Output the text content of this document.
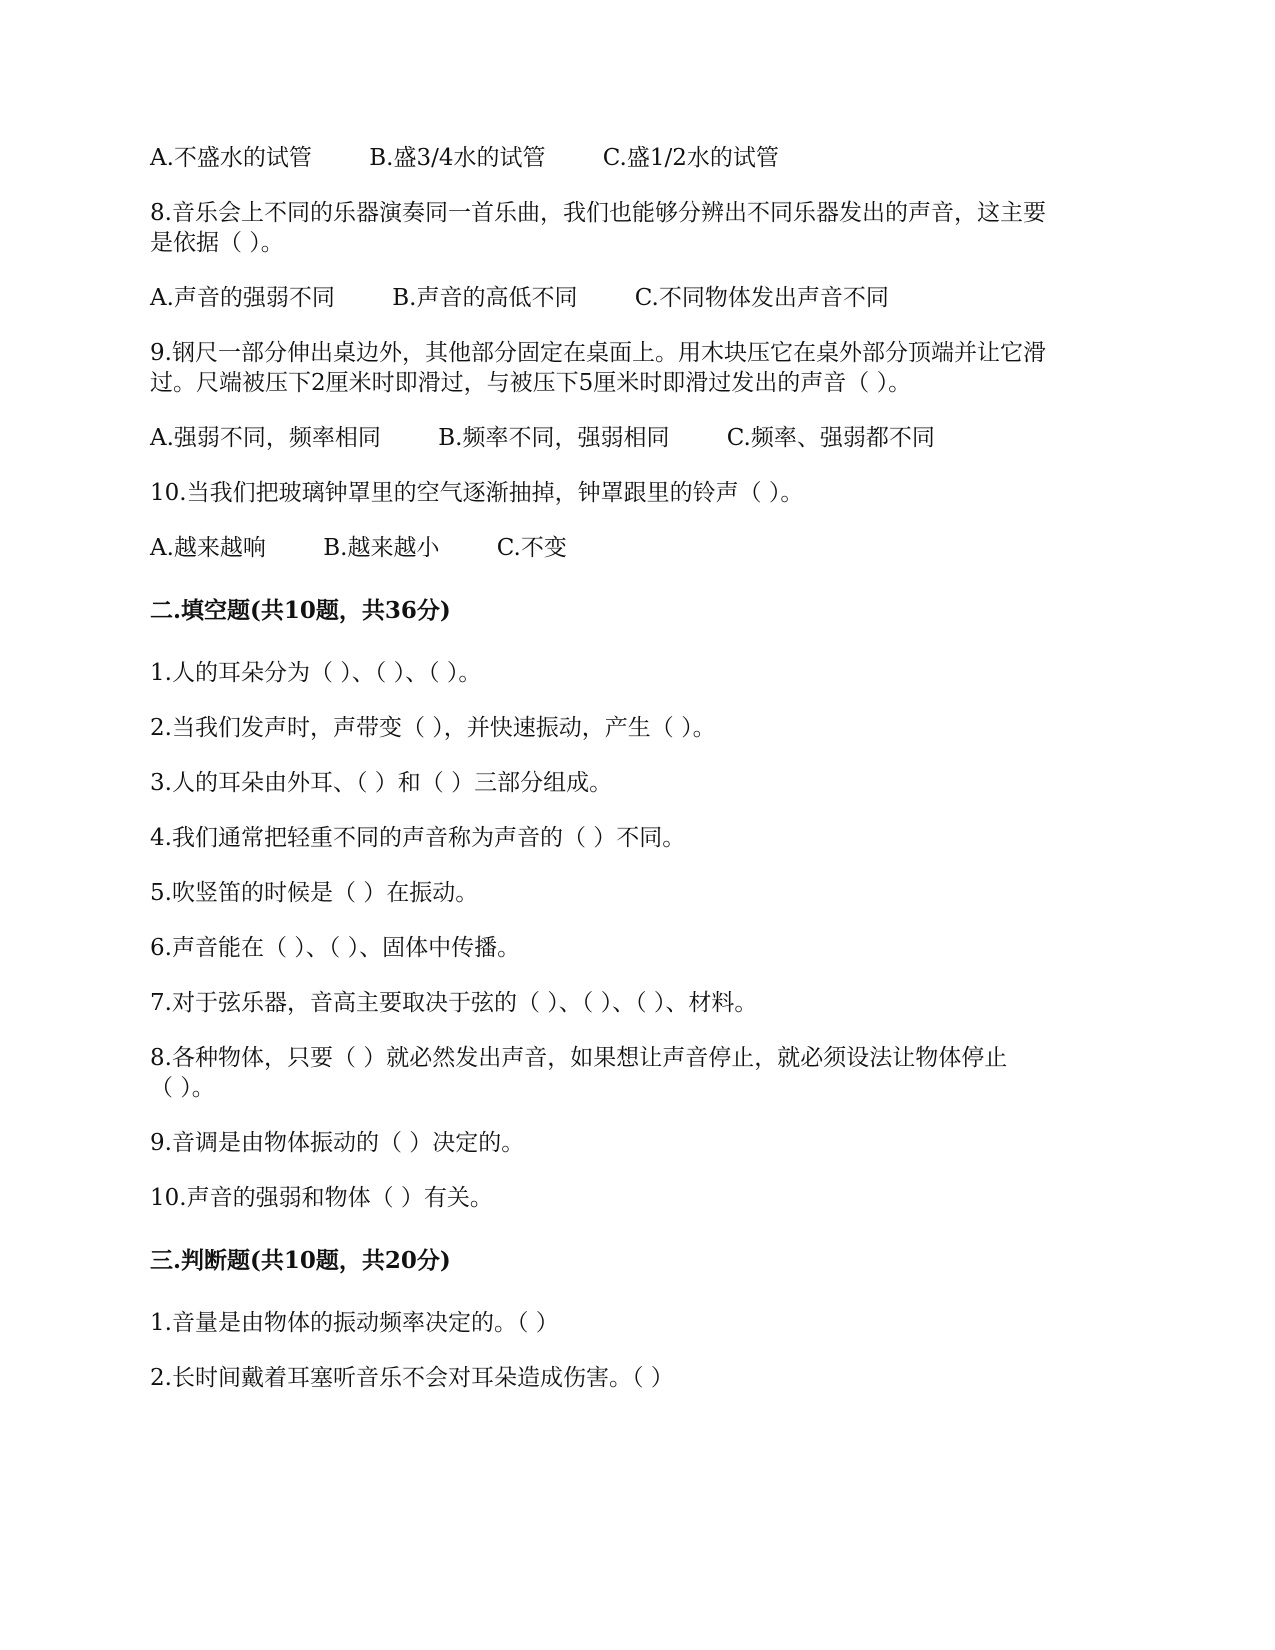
A.不盛水的试管 B.盛3/4水的试管 C.盛1/2水的试管
8.音乐会上不同的乐器演奏同一首乐曲，我们也能够分辨出不同乐器发出的声音，这主要
是依据（ ）。
A.声音的强弱不同 B.声音的高低不同 C.不同物体发出声音不同
9.钢尺一部分伸出桌边外，其他部分固定在桌面上。用木块压它在桌外部分顶端并让它滑
过。尺端被压下2厘米时即滑过，与被压下5厘米时即滑过发出的声音（ ）。
A.强弱不同，频率相同 B.频率不同，强弱相同 C.频率、强弱都不同
10.当我们把玻璃钟罩里的空气逐渐抽掉，钟罩跟里的铃声（ ）。
A.越来越响 B.越来越小 C.不变
二.填空题(共10题，共36分)
1.人的耳朵分为（ ）、（ ）、（ ）。
2.当我们发声时，声带变（ ），并快速振动，产生（ ）。
3.人的耳朵由外耳、（ ）和（ ）三部分组成。
4.我们通常把轻重不同的声音称为声音的（ ）不同。
5.吹竖笛的时候是（ ）在振动。
6.声音能在（ ）、（ ）、固体中传播。
7.对于弦乐器，音高主要取决于弦的（ ）、（ ）、（ ）、材料。
8.各种物体，只要（ ）就必然发出声音，如果想让声音停止，就必须设法让物体停止
（ ）。
9.音调是由物体振动的（ ）决定的。
10.声音的强弱和物体（ ）有关。
三.判断题(共10题，共20分)
1.音量是由物体的振动频率决定的。（ ）
2.长时间戴着耳塞听音乐不会对耳朵造成伤害。（ ）
